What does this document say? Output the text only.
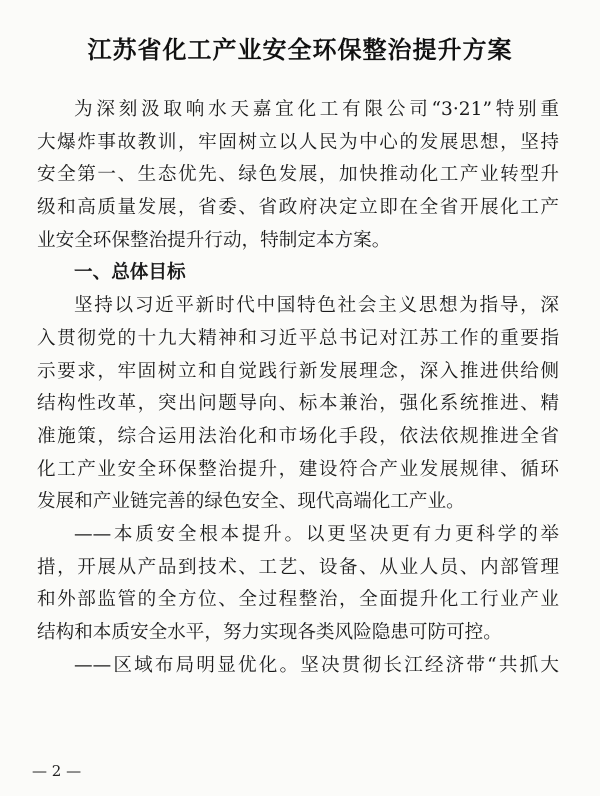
江苏省化工产业安全环保整治提升方案
为深刻汲取响水天嘉宜化工有限公司“3·21”特别重
大爆炸事故教训，牢固树立以人民为中心的发展思想，坚持
安全第一、生态优先、绿色发展，加快推动化工产业转型升
级和高质量发展，省委、省政府决定立即在全省开展化工产
业安全环保整治提升行动，特制定本方案。
一、总体目标
坚持以习近平新时代中国特色社会主义思想为指导，深
入贯彻党的十九大精神和习近平总书记对江苏工作的重要指
示要求，牢固树立和自觉践行新发展理念，深入推进供给侧
结构性改革，突出问题导向、标本兼治，强化系统推进、精
准施策，综合运用法治化和市场化手段，依法依规推进全省
化工产业安全环保整治提升，建设符合产业发展规律、循环
发展和产业链完善的绿色安全、现代高端化工产业。
——本质安全根本提升。以更坚决更有力更科学的举
措，开展从产品到技术、工艺、设备、从业人员、内部管理
和外部监管的全方位、全过程整治，全面提升化工行业产业
结构和本质安全水平，努力实现各类风险隐患可防可控。
——区域布局明显优化。坚决贯彻长江经济带“共抓大
— 2 —
